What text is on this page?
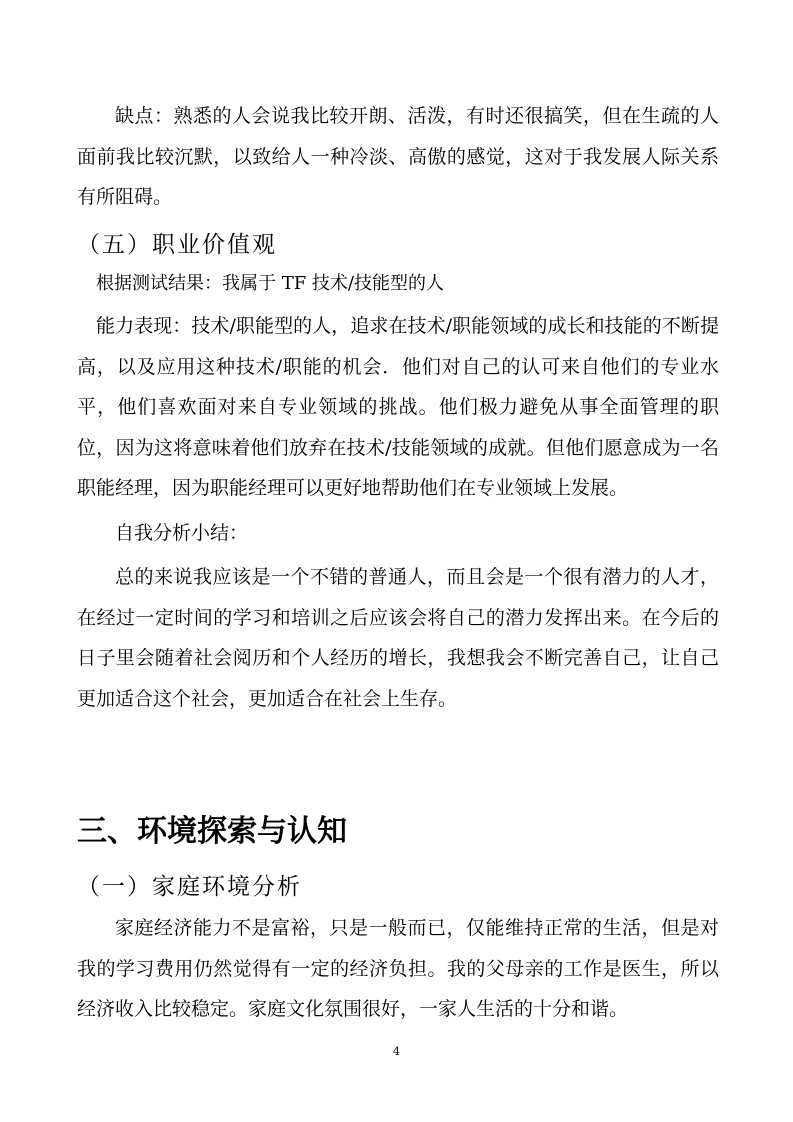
缺点：熟悉的人会说我比较开朗、活泼，有时还很搞笑，但在生疏的人面前我比较沉默，以致给人一种冷淡、高傲的感觉，这对于我发展人际关系有所阻碍。

（五）职业价值观
根据测试结果：我属于 TF 技术/技能型的人

能力表现：技术/职能型的人，追求在技术/职能领域的成长和技能的不断提高，以及应用这种技术/职能的机会．他们对自己的认可来自他们的专业水平，他们喜欢面对来自专业领域的挑战。他们极力避免从事全面管理的职位，因为这将意味着他们放弃在技术/技能领域的成就。但他们愿意成为一名职能经理，因为职能经理可以更好地帮助他们在专业领域上发展。

自我分析小结：

总的来说我应该是一个不错的普通人，而且会是一个很有潜力的人才，在经过一定时间的学习和培训之后应该会将自己的潜力发挥出来。在今后的日子里会随着社会阅历和个人经历的增长，我想我会不断完善自己，让自己更加适合这个社会，更加适合在社会上生存。

三、环境探索与认知
（一）家庭环境分析

家庭经济能力不是富裕，只是一般而已，仅能维持正常的生活，但是对我的学习费用仍然觉得有一定的经济负担。我的父母亲的工作是医生，所以经济收入比较稳定。家庭文化氛围很好，一家人生活的十分和谐。

4
